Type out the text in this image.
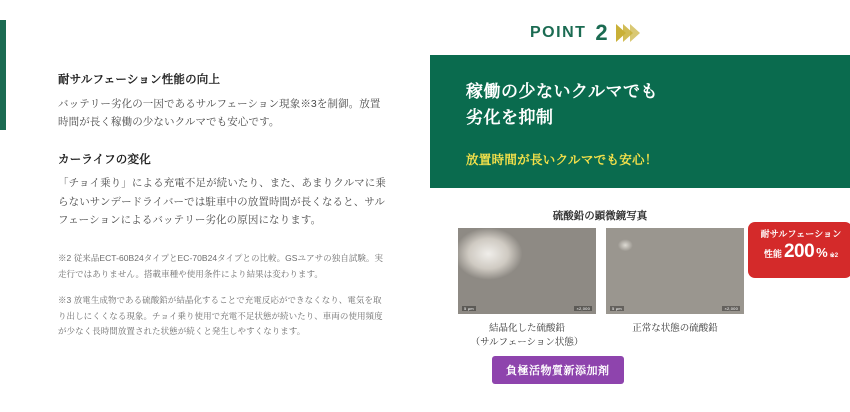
耐サルフェーション性能の向上

バッテリー劣化の一因であるサルフェーション現象※3を制御。放置時間が長く稼働の少ないクルマでも安心です。

カーライフの変化

「チョイ乗り」による充電不足が続いたり、また、あまりクルマに乗らないサンデードライバーでは駐車中の放置時間が長くなると、サルフェーションによるバッテリー劣化の原因になります。

※2 従来品ECT-60B24タイプとEC-70B24タイプとの比較。GSユアサの独自試験。実走行ではありません。搭載車種や使用条件により結果は変わります。

※3 放電生成物である硫酸鉛が結晶化することで充電反応ができなくなり、電気を取り出しにくくなる現象。チョイ乗り使用で充電不足状態が続いたり、車両の使用頻度が少なく長時間放置された状態が続くと発生しやすくなります。

POINT 2

稼働の少ないクルマでも
劣化を抑制

放置時間が長いクルマでも安心！
硫酸鉛の顕微鏡写真
5 μm	×2,000	5 μm	×2,000
結晶化した硫酸鉛
（サルフェーション状態）
正常な状態の硫酸鉛
耐サルフェーション
性能 200 % ※2
負極活物質新添加剤
